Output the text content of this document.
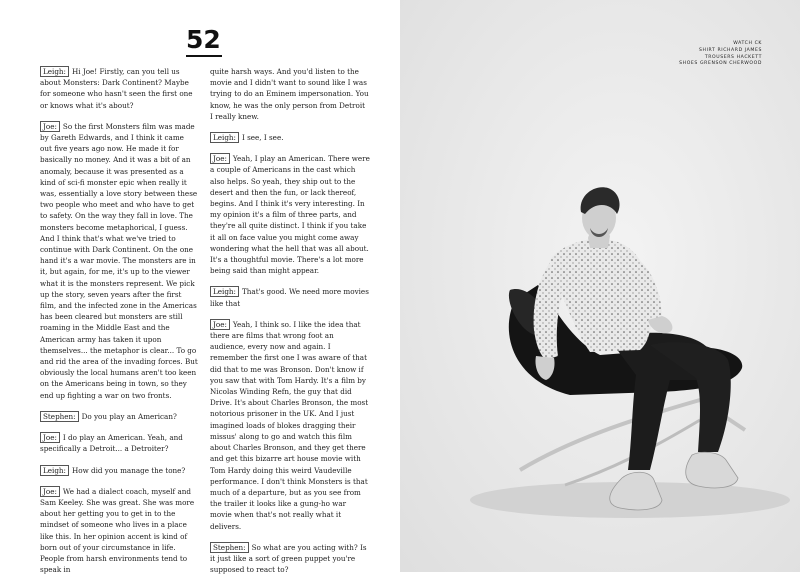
52

Leigh: Hi Joe! Firstly, can you tell us about Monsters: Dark Continent? Maybe for someone who hasn't seen the first one or knows what it's about?

Joe: So the first Monsters film was made by Gareth Edwards, and I think it came out five years ago now. He made it for basically no money. And it was a bit of an anomaly, because it was presented as a kind of sci-fi monster epic when really it was, essentially a love story between these two people who meet and who have to get to safety. On the way they fall in love. The monsters become metaphorical, I guess. And I think that's what we've tried to continue with Dark Continent. On the one hand it's a war movie. The monsters are in it, but again, for me, it's up to the viewer what it is the monsters represent. We pick up the story, seven years after the first film, and the infected zone in the Americas has been cleared but monsters are still roaming in the Middle East and the American army has taken it upon themselves... the metaphor is clear... To go and rid the area of the invading forces. But obviously the local humans aren't too keen on the Americans being in town, so they end up fighting a war on two fronts.

Stephen: Do you play an American?

Joe: I do play an American. Yeah, and specifically a Detroit... a Detroiter?

Leigh: How did you manage the tone?

Joe: We had a dialect coach, myself and Sam Keeley. She was great. She was more about her getting you to get in to the mindset of someone who lives in a place like this. In her opinion accent is kind of born out of your circumstance in life. People from harsh environments tend to speak in

quite harsh ways. And you'd listen to the movie and I didn't want to sound like I was trying to do an Eminem impersonation. You know, he was the only person from Detroit I really knew.

Leigh: I see, I see.

Joe: Yeah, I play an American. There were a couple of Americans in the cast which also helps. So yeah, they ship out to the desert and then the fun, or lack thereof, begins. And I think it's very interesting. In my opinion it's a film of three parts, and they're all quite distinct. I think if you take it all on face value you might come away wondering what the hell that was all about. It's a thoughtful movie. There's a lot more being said than might appear.

Leigh: That's good. We need more movies like that

Joe: Yeah, I think so. I like the idea that there are films that wrong foot an audience, every now and again. I remember the first one I was aware of that did that to me was Bronson. Don't know if you saw that with Tom Hardy. It's a film by Nicolas Winding Refn, the guy that did Drive. It's about Charles Bronson, the most notorious prisoner in the UK. And I just imagined loads of blokes dragging their missus' along to go and watch this film about Charles Bronson, and they get there and get this bizarre art house movie with Tom Hardy doing this weird Vaudeville performance. I don't think Monsters is that much of a departure, but as you see from the trailer it looks like a gung-ho war movie when that's not really what it delivers.

Stephen: So what are you acting with? Is it just like a sort of green puppet you're supposed to react to?

WATCH CK
SHIRT RICHARD JAMES
TROUSERS HACKETT
SHOES GRENSON CHERWOOD
